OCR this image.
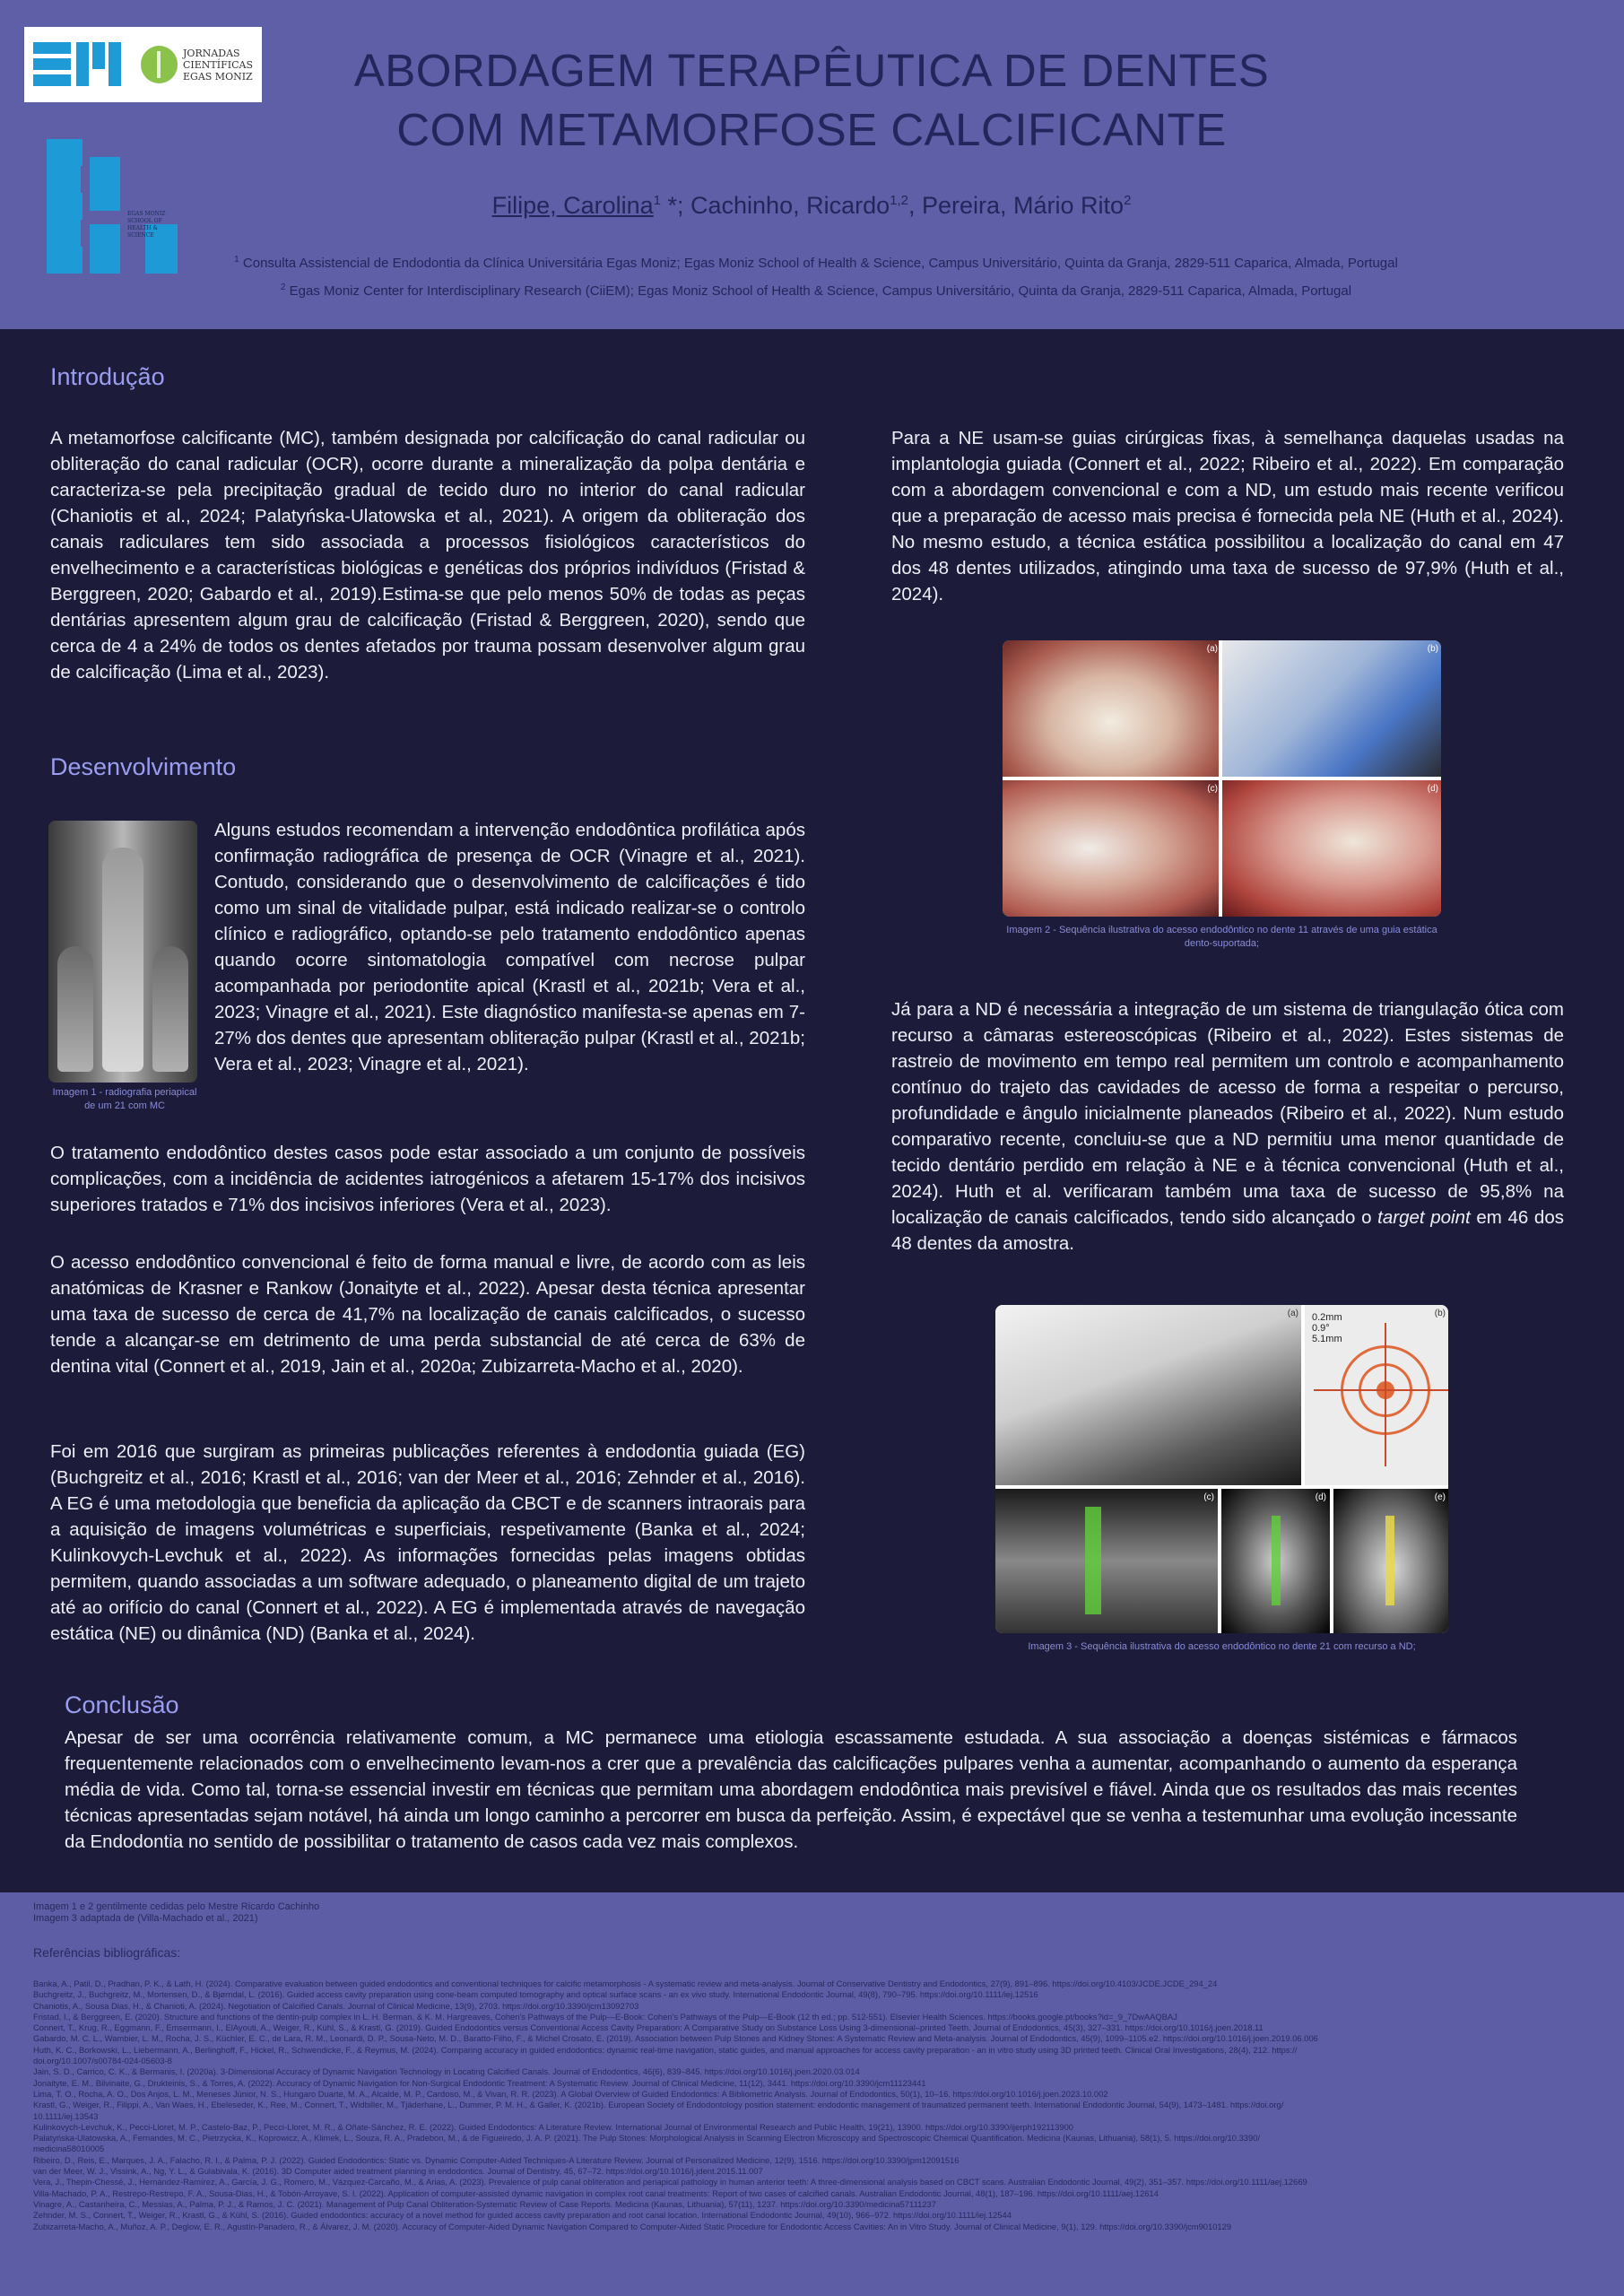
JORNADAS
CIENTÍFICAS
EGAS MONIZ
EGAS MONIZ SCHOOL OF HEALTH & SCIENCE
ABORDAGEM TERAPÊUTICA DE DENTES
COM METAMORFOSE CALCIFICANTE
Filipe, Carolina$^1$ *; Cachinho, Ricardo$^{1,2}$, Pereira, Mário Rito$^2$
$^1$ Consulta Assistencial de Endodontia da Clínica Universitária Egas Moniz; Egas Moniz School of Health & Science, Campus Universitário, Quinta da Granja, 2829-511 Caparica, Almada, Portugal
$^2$ Egas Moniz Center for Interdisciplinary Research (CiiEM); Egas Moniz School of Health & Science, Campus Universitário, Quinta da Granja, 2829-511 Caparica, Almada, Portugal
Introdução
A metamorfose calcificante (MC), também designada por calcificação do canal radicular ou obliteração do canal radicular (OCR), ocorre durante a mineralização da polpa dentária e caracteriza-se pela precipitação gradual de tecido duro no interior do canal radicular (Chaniotis et al., 2024; Palatyńska-Ulatowska et al., 2021). A origem da obliteração dos canais radiculares tem sido associada a processos fisiológicos característicos do envelhecimento e a características biológicas e genéticas dos próprios indivíduos (Fristad & Berggreen, 2020; Gabardo et al., 2019).Estima-se que pelo menos 50% de todas as peças dentárias apresentem algum grau de calcificação (Fristad & Berggreen, 2020), sendo que cerca de 4 a 24% de todos os dentes afetados por trauma possam desenvolver algum grau de calcificação (Lima et al., 2023).
Desenvolvimento
Imagem 1 - radiografia periapical de um 21 com MC
Alguns estudos recomendam a intervenção endodôntica profilática após confirmação radiográfica de presença de OCR (Vinagre et al., 2021). Contudo, considerando que o desenvolvimento de calcificações é tido como um sinal de vitalidade pulpar, está indicado realizar-se o controlo clínico e radiográfico, optando-se pelo tratamento endodôntico apenas quando ocorre sintomatologia compatível com necrose pulpar acompanhada por periodontite apical (Krastl et al., 2021b; Vera et al., 2023; Vinagre et al., 2021). Este diagnóstico manifesta-se apenas em 7-27% dos dentes que apresentam obliteração pulpar (Krastl et al., 2021b; Vera et al., 2023; Vinagre et al., 2021).
O tratamento endodôntico destes casos pode estar associado a um conjunto de possíveis complicações, com a incidência de acidentes iatrogénicos a afetarem 15-17% dos incisivos superiores tratados e 71% dos incisivos inferiores (Vera et al., 2023).
O acesso endodôntico convencional é feito de forma manual e livre, de acordo com as leis anatómicas de Krasner e Rankow (Jonaityte et al., 2022). Apesar desta técnica apresentar uma taxa de sucesso de cerca de 41,7% na localização de canais calcificados, o sucesso tende a alcançar-se em detrimento de uma perda substancial de até cerca de 63% de dentina vital (Connert et al., 2019, Jain et al., 2020a; Zubizarreta-Macho et al., 2020).
Foi em 2016 que surgiram as primeiras publicações referentes à endodontia guiada (EG) (Buchgreitz et al., 2016; Krastl et al., 2016; van der Meer et al., 2016; Zehnder et al., 2016). A EG é uma metodologia que beneficia da aplicação da CBCT e de scanners intraorais para a aquisição de imagens volumétricas e superficiais, respetivamente (Banka et al., 2024; Kulinkovych-Levchuk et al., 2022). As informações fornecidas pelas imagens obtidas permitem, quando associadas a um software adequado, o planeamento digital de um trajeto até ao orifício do canal (Connert et al., 2022). A EG é implementada através de navegação estática (NE) ou dinâmica (ND) (Banka et al., 2024).
Para a NE usam-se guias cirúrgicas fixas, à semelhança daquelas usadas na implantologia guiada (Connert et al., 2022; Ribeiro et al., 2022). Em comparação com a abordagem convencional e com a ND, um estudo mais recente verificou que a preparação de acesso mais precisa é fornecida pela NE (Huth et al., 2024). No mesmo estudo, a técnica estática possibilitou a localização do canal em 47 dos 48 dentes utilizados, atingindo uma taxa de sucesso de 97,9% (Huth et al., 2024).
(a)	(b)
(c)	(d)
Imagem 2 - Sequência ilustrativa do acesso endodôntico no dente 11 através de uma guia estática dento-suportada;
Já para a ND é necessária a integração de um sistema de triangulação ótica com recurso a câmaras estereoscópicas (Ribeiro et al., 2022). Estes sistemas de rastreio de movimento em tempo real permitem um controlo e acompanhamento contínuo do trajeto das cavidades de acesso de forma a respeitar o percurso, profundidade e ângulo inicialmente planeados (Ribeiro et al., 2022). Num estudo comparativo recente, concluiu-se que a ND permitiu uma menor quantidade de tecido dentário perdido em relação à NE e à técnica convencional (Huth et al., 2024). Huth et al. verificaram também uma taxa de sucesso de 95,8% na localização de canais calcificados, tendo sido alcançado o target point em 46 dos 48 dentes da amostra.
0.2mm
0.9°
5.1mm
(a)	(b)
(c)	(d)	(e)
Imagem 3 - Sequência ilustrativa do acesso endodôntico no dente 21 com recurso a ND;
Conclusão
Apesar de ser uma ocorrência relativamente comum, a MC permanece uma etiologia escassamente estudada. A sua associação a doenças sistémicas e fármacos frequentemente relacionados com o envelhecimento levam-nos a crer que a prevalência das calcificações pulpares venha a aumentar, acompanhando o aumento da esperança média de vida. Como tal, torna-se essencial investir em técnicas que permitam uma abordagem endodôntica mais previsível e fiável. Ainda que os resultados das mais recentes técnicas apresentadas sejam notável, há ainda um longo caminho a percorrer em busca da perfeição. Assim, é expectável que se venha a testemunhar uma evolução incessante da Endodontia no sentido de possibilitar o tratamento de casos cada vez mais complexos.
Imagem 1 e 2 gentilmente cedidas pelo Mestre Ricardo Cachinho
Imagem 3 adaptada de (Villa-Machado et al., 2021)
Referências bibliográficas:
Banka, A., Patil, D., Pradhan, P. K., & Lath, H. (2024). Comparative evaluation between guided endodontics and conventional techniques for calcific metamorphosis - A systematic review and meta-analysis. Journal of Conservative Dentistry and Endodontics, 27(9), 891–896. https://doi.org/10.4103/JCDE.JCDE_294_24
Buchgreitz, J., Buchgreitz, M., Mortensen, D., & Bjørndal, L. (2016). Guided access cavity preparation using cone-beam computed tomography and optical surface scans - an ex vivo study. International Endodontic Journal, 49(8), 790–795. https://doi.org/10.1111/iej.12516
Chaniotis, A., Sousa Dias, H., & Chanioti, A. (2024). Negotiation of Calcified Canals. Journal of Clinical Medicine, 13(9), 2703. https://doi.org/10.3390/jcm13092703
Fristad, I., & Berggreen, E. (2020). Structure and functions of the dentin-pulp complex in L. H. Berman, & K. M. Hargreaves, Cohen's Pathways of the Pulp—E-Book: Cohen's Pathways of the Pulp—E-Book (12 th ed.; pp. 512-551). Elsevier Health Sciences. https://books.google.pt/books?id=_9_7DwAAQBAJ
Connert, T., Krug, R., Eggmann, F., Emsermann, I., ElAyouti, A., Weiger, R., Kühl, S., & Krastl, G. (2019). Guided Endodontics versus Conventional Access Cavity Preparation: A Comparative Study on Substance Loss Using 3-dimensional–printed Teeth. Journal of Endodontics, 45(3), 327–331. https://doi.org/10.1016/j.joen.2018.11
Gabardo, M. C. L., Wambier, L. M., Rocha, J. S., Küchler, E. C., de Lara, R. M., Leonardi, D. P., Sousa-Neto, M. D., Baratto-Filho, F., & Michel Crosato, E. (2019). Association between Pulp Stones and Kidney Stones: A Systematic Review and Meta-analysis. Journal of Endodontics, 45(9), 1099–1105.e2. https://doi.org/10.1016/j.joen.2019.06.006
Huth, K. C., Borkowski, L., Liebermann, A., Berlinghoff, F., Hickel, R., Schwendicke, F., & Reymus, M. (2024). Comparing accuracy in guided endodontics: dynamic real-time navigation, static guides, and manual approaches for access cavity preparation - an in vitro study using 3D printed teeth. Clinical Oral Investigations, 28(4), 212. https://
doi.org/10.1007/s00784-024-05603-8
Jain, S. D., Carrico, C. K., & Bermanis, I. (2020a). 3-Dimensional Accuracy of Dynamic Navigation Technology in Locating Calcified Canals. Journal of Endodontics, 46(6), 839–845. https://doi.org/10.1016/j.joen.2020.03.014
Jonaityte, E. M., Bilvinaite, G., Drukteinis, S., & Torres, A. (2022). Accuracy of Dynamic Navigation for Non-Surgical Endodontic Treatment: A Systematic Review. Journal of Clinical Medicine, 11(12), 3441. https://doi.org/10.3390/jcm11123441
Lima, T. O., Rocha, A. O., Dos Anjos, L. M., Meneses Júnior, N. S., Hungaro Duarte, M. A., Alcalde, M. P., Cardoso, M., & Vivan, R. R. (2023). A Global Overview of Guided Endodontics: A Bibliometric Analysis. Journal of Endodontics, 50(1), 10–16. https://doi.org/10.1016/j.joen.2023.10.002
Krastl, G., Weiger, R., Filippi, A., Van Waes, H., Ebeleseder, K., Ree, M., Connert, T., Widbiller, M., Tjäderhane, L., Dummer, P. M. H., & Galler, K. (2021b). European Society of Endodontology position statement: endodontic management of traumatized permanent teeth. International Endodontic Journal, 54(9), 1473–1481. https://doi.org/
10.1111/iej.13543
Kulinkovych-Levchuk, K., Pecci-Lloret, M. P., Castelo-Baz, P., Pecci-Lloret, M. R., & Oñate-Sánchez, R. E. (2022). Guided Endodontics: A Literature Review. International Journal of Environmental Research and Public Health, 19(21), 13900. https://doi.org/10.3390/ijerph192113900
Palatyńska-Ulatowska, A., Fernandes, M. C., Pietrzycka, K., Koprowicz, A., Klimek, L., Souza, R. A., Pradebon, M., & de Figueiredo, J. A. P. (2021). The Pulp Stones: Morphological Analysis in Scanning Electron Microscopy and Spectroscopic Chemical Quantification. Medicina (Kaunas, Lithuania), 58(1), 5. https://doi.org/10.3390/
medicina58010005
Ribeiro, D., Reis, E., Marques, J. A., Falacho, R. I., & Palma, P. J. (2022). Guided Endodontics: Static vs. Dynamic Computer-Aided Techniques-A Literature Review. Journal of Personalized Medicine, 12(9), 1516. https://doi.org/10.3390/jpm12091516
van der Meer, W. J., Vissink, A., Ng, Y. L., & Gulabivala, K. (2016). 3D Computer aided treatment planning in endodontics. Journal of Dentistry, 45, 67–72. https://doi.org/10.1016/j.jdent.2015.11.007
Vera, J., Thepin-Chessé, J., Hernández-Ramírez, A., García, J. G., Romero, M., Vázquez-Carcaño, M., & Arias, A. (2023). Prevalence of pulp canal obliteration and periapical pathology in human anterior teeth: A three-dimensional analysis based on CBCT scans. Australian Endodontic Journal, 49(2), 351–357. https://doi.org/10.1111/aej.12669
Villa-Machado, P. A., Restrepo-Restrepo, F. A., Sousa-Dias, H., & Tobón-Arroyave, S. I. (2022). Application of computer-assisted dynamic navigation in complex root canal treatments: Report of two cases of calcified canals. Australian Endodontic Journal, 48(1), 187–196. https://doi.org/10.1111/aej.12614
Vinagre, A., Castanheira, C., Messias, A., Palma, P. J., & Ramos, J. C. (2021). Management of Pulp Canal Obliteration-Systematic Review of Case Reports. Medicina (Kaunas, Lithuania), 57(11), 1237. https://doi.org/10.3390/medicina57111237
Zehnder, M. S., Connert, T., Weiger, R., Krastl, G., & Kühl, S. (2016). Guided endodontics: accuracy of a novel method for guided access cavity preparation and root canal location. International Endodontic Journal, 49(10), 966–972. https://doi.org/10.1111/iej.12544
Zubizarreta-Macho, A., Muñoz, A. P., Deglow, E. R., Agustín-Panadero, R., & Álvarez, J. M. (2020). Accuracy of Computer-Aided Dynamic Navigation Compared to Computer-Aided Static Procedure for Endodontic Access Cavities: An in Vitro Study. Journal of Clinical Medicine, 9(1), 129. https://doi.org/10.3390/jcm9010129
